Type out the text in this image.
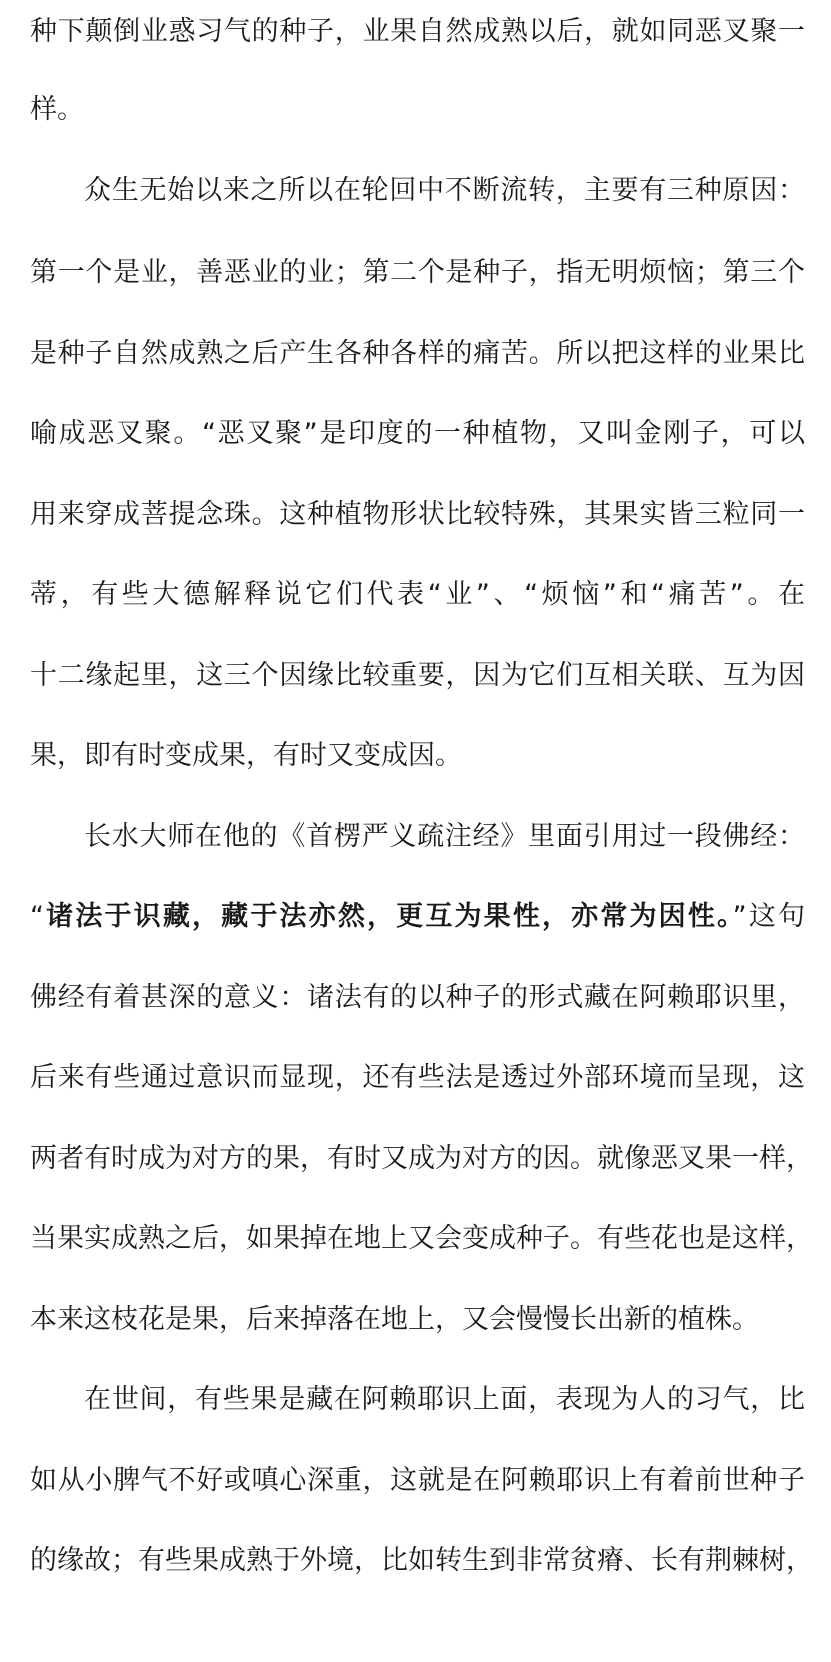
种下颠倒业惑习气的种子，业果自然成熟以后，就如同恶叉聚一
样。
众生无始以来之所以在轮回中不断流转，主要有三种原因：
第一个是业，善恶业的业；第二个是种子，指无明烦恼；第三个
是种子自然成熟之后产生各种各样的痛苦。所以把这样的业果比
喻成恶叉聚。“恶叉聚”是印度的一种植物，又叫金刚子，可以
用来穿成菩提念珠。这种植物形状比较特殊，其果实皆三粒同一
蒂，有些大德解释说它们代表“业”、“烦恼”和“痛苦”。在
十二缘起里，这三个因缘比较重要，因为它们互相关联、互为因
果，即有时变成果，有时又变成因。
长水大师在他的《首楞严义疏注经》里面引用过一段佛经：
“诸法于识藏，藏于法亦然，更互为果性，亦常为因性。”这句
佛经有着甚深的意义：诸法有的以种子的形式藏在阿赖耶识里，
后来有些通过意识而显现，还有些法是透过外部环境而呈现，这
两者有时成为对方的果，有时又成为对方的因。就像恶叉果一样，
当果实成熟之后，如果掉在地上又会变成种子。有些花也是这样，
本来这枝花是果，后来掉落在地上，又会慢慢长出新的植株。
在世间，有些果是藏在阿赖耶识上面，表现为人的习气，比
如从小脾气不好或嗔心深重，这就是在阿赖耶识上有着前世种子
的缘故；有些果成熟于外境，比如转生到非常贫瘠、长有荆棘树，
